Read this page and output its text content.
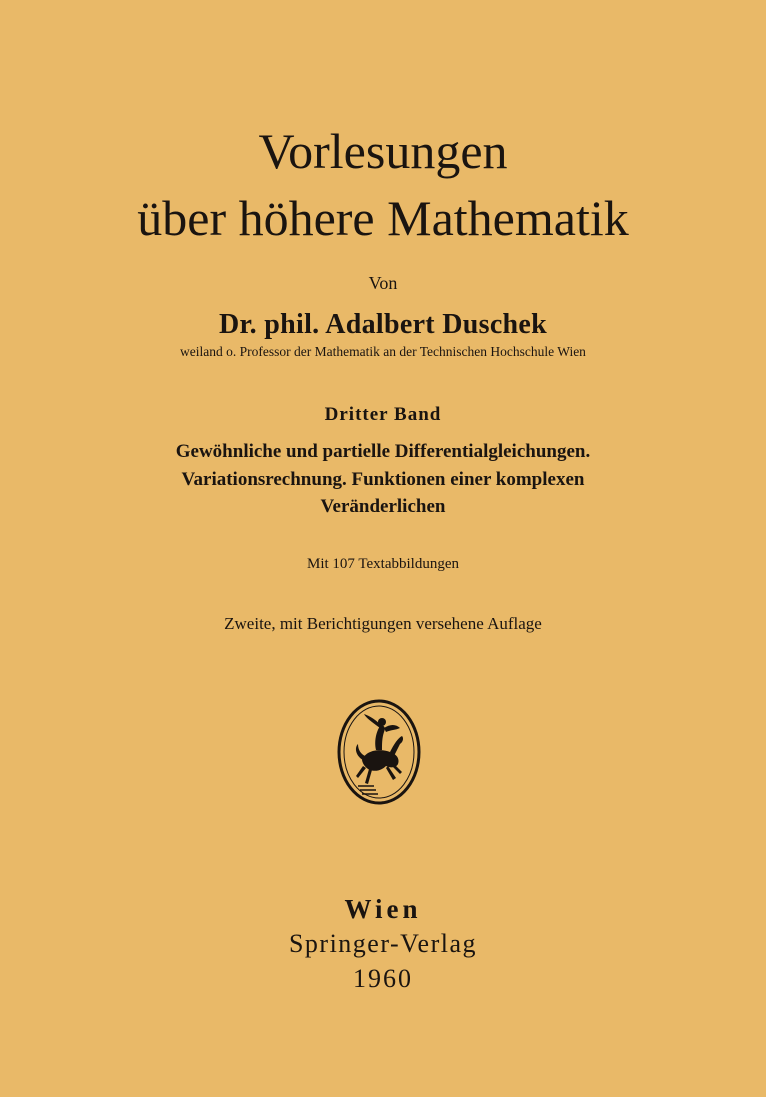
Vorlesungen
über höhere Mathematik
Von
Dr. phil. Adalbert Duschek
weiland o. Professor der Mathematik an der Technischen Hochschule Wien
Dritter Band
Gewöhnliche und partielle Differentialgleichungen.
Variationsrechnung. Funktionen einer komplexen
Veränderlichen
Mit 107 Textabbildungen
Zweite, mit Berichtigungen versehene Auflage
Wien
Springer-Verlag
1960
